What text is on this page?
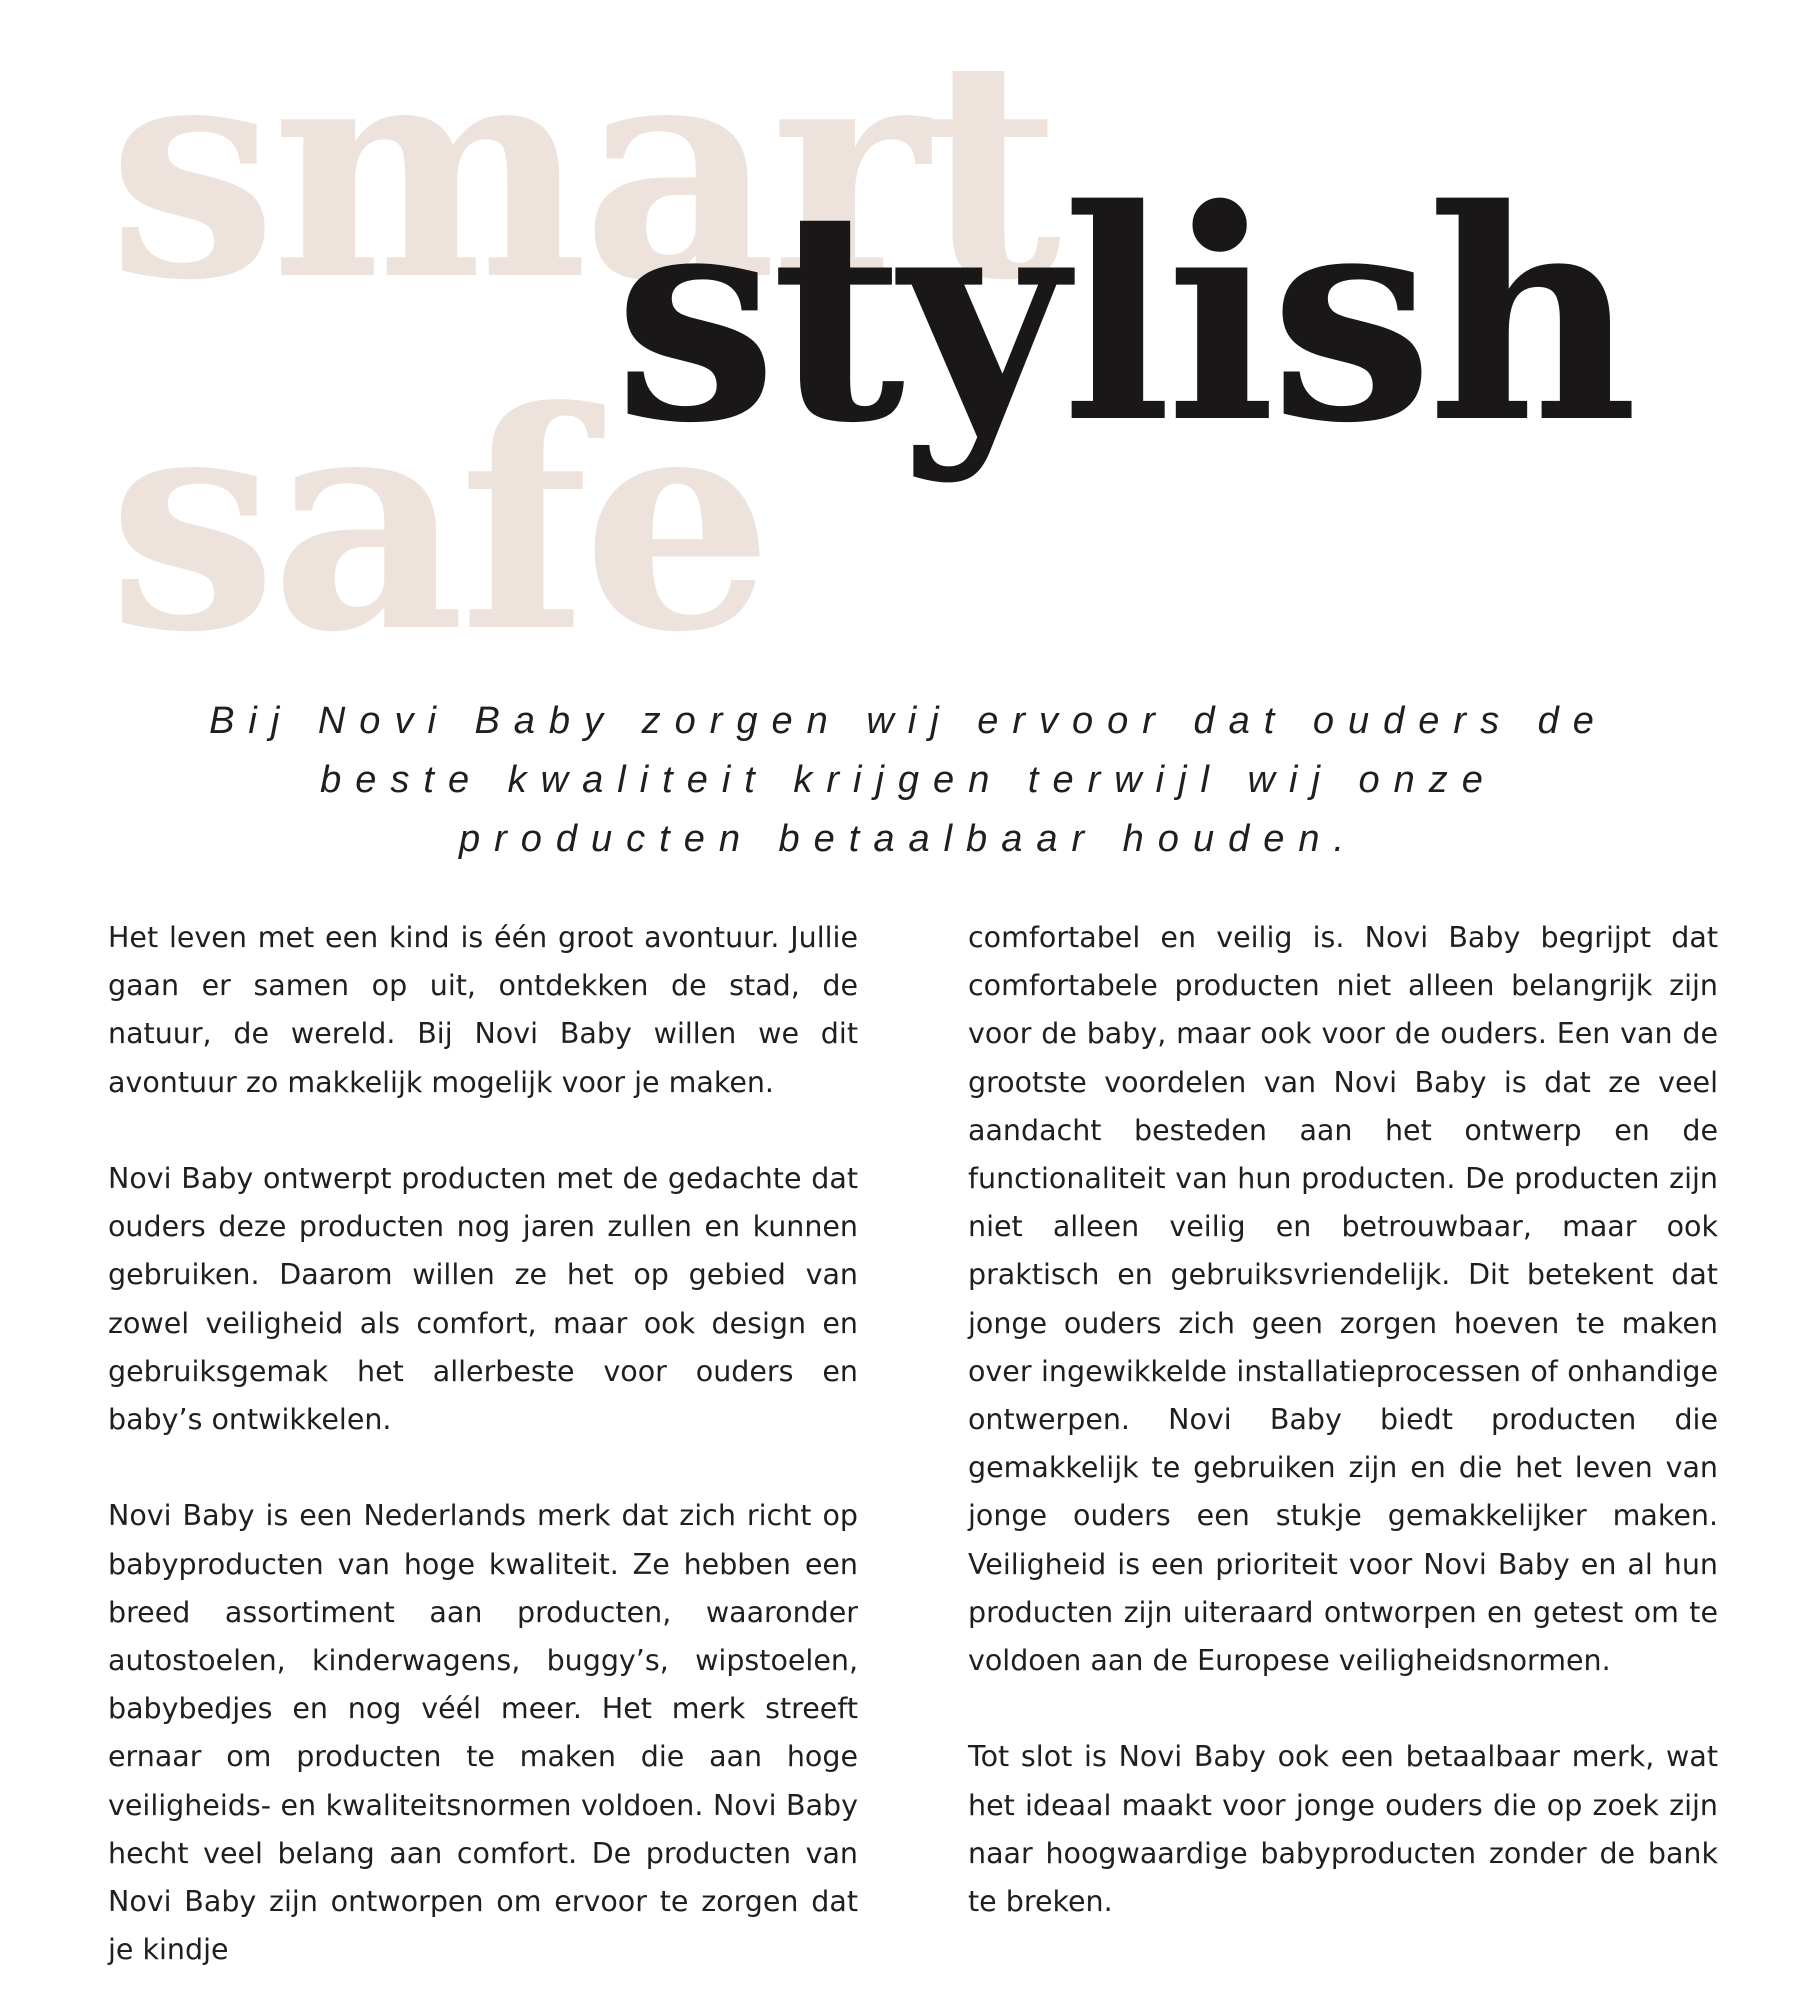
smart
safe
stylish

Bij Novi Baby zorgen wij ervoor dat ouders de beste kwaliteit krijgen terwijl wij onze producten betaalbaar houden.

Het leven met een kind is één groot avontuur. Jullie gaan er samen op uit, ontdekken de stad, de natuur, de wereld. Bij Novi Baby willen we dit avontuur zo makkelijk mogelijk voor je maken.

Novi Baby ontwerpt producten met de gedachte dat ouders deze producten nog jaren zullen en kunnen gebruiken. Daarom willen ze het op gebied van zowel veiligheid als comfort, maar ook design en gebruiksgemak het allerbeste voor ouders en baby’s ontwikkelen.

Novi Baby is een Nederlands merk dat zich richt op babyproducten van hoge kwaliteit. Ze hebben een breed assortiment aan producten, waaronder autostoelen, kinderwagens, buggy’s, wipstoelen, babybedjes en nog véél meer. Het merk streeft ernaar om producten te maken die aan hoge veiligheids- en kwaliteitsnormen voldoen. Novi Baby hecht veel belang aan comfort. De producten van Novi Baby zijn ontworpen om ervoor te zorgen dat je kindje

comfortabel en veilig is. Novi Baby begrijpt dat comfortabele producten niet alleen belangrijk zijn voor de baby, maar ook voor de ouders. Een van de grootste voordelen van Novi Baby is dat ze veel aandacht besteden aan het ontwerp en de functionaliteit van hun producten. De producten zijn niet alleen veilig en betrouwbaar, maar ook praktisch en gebruiksvriendelijk. Dit betekent dat jonge ouders zich geen zorgen hoeven te maken over ingewikkelde installatieprocessen of onhandige ontwerpen. Novi Baby biedt producten die gemakkelijk te gebruiken zijn en die het leven van jonge ouders een stukje gemakkelijker maken. Veiligheid is een prioriteit voor Novi Baby en al hun producten zijn uiteraard ontworpen en getest om te voldoen aan de Europese veiligheidsnormen.

Tot slot is Novi Baby ook een betaalbaar merk, wat het ideaal maakt voor jonge ouders die op zoek zijn naar hoogwaardige babyproducten zonder de bank te breken.
